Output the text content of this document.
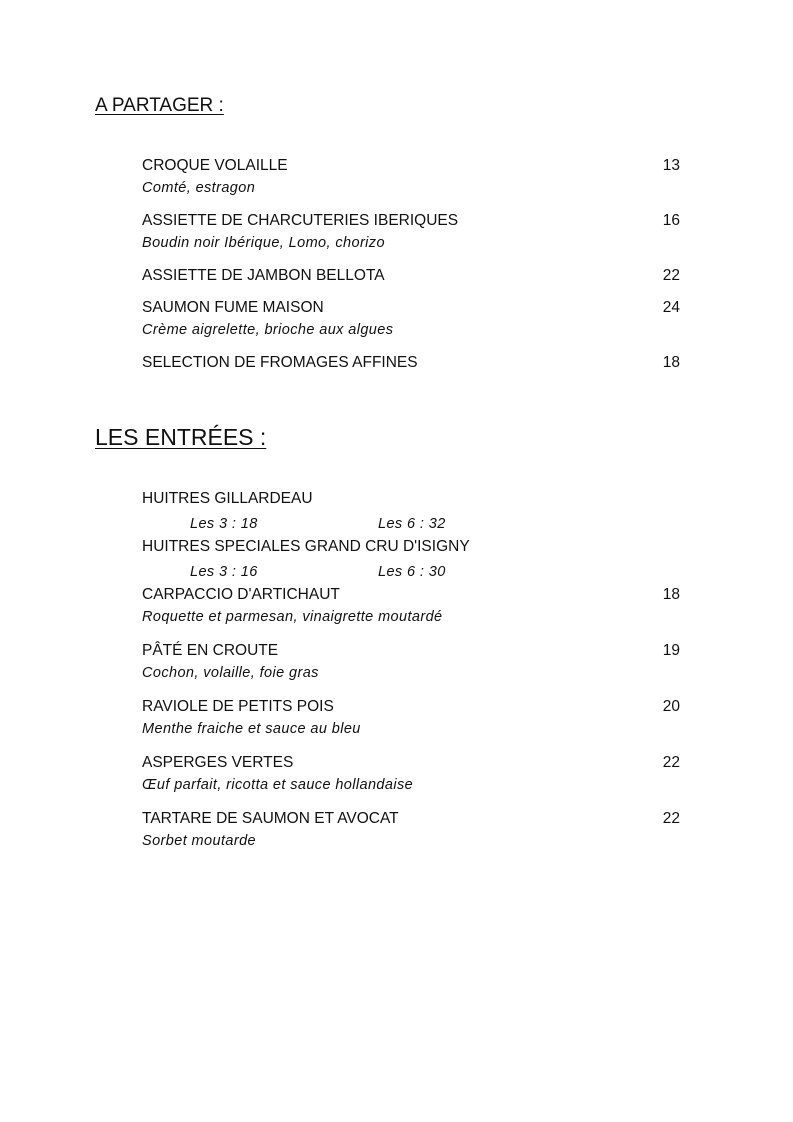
A PARTAGER :
CROQUE VOLAILLE	13
Comté, estragon
ASSIETTE DE CHARCUTERIES IBERIQUES	16
Boudin noir Ibérique, Lomo, chorizo
ASSIETTE DE JAMBON BELLOTA	22
SAUMON FUME MAISON	24
Crème aigrelette, brioche aux algues
SELECTION DE FROMAGES AFFINES	18
LES ENTRÉES :
HUITRES GILLARDEAU
Les 3 : 18	Les 6 : 32
HUITRES SPECIALES GRAND CRU D'ISIGNY
Les 3 : 16	Les 6 : 30
CARPACCIO D'ARTICHAUT	18
Roquette et parmesan, vinaigrette moutardé
PÂTÉ EN CROUTE	19
Cochon, volaille, foie gras
RAVIOLE DE PETITS POIS	20
Menthe fraiche et sauce au bleu
ASPERGES VERTES	22
Œuf parfait, ricotta et sauce hollandaise
TARTARE DE SAUMON ET AVOCAT	22
Sorbet moutarde
